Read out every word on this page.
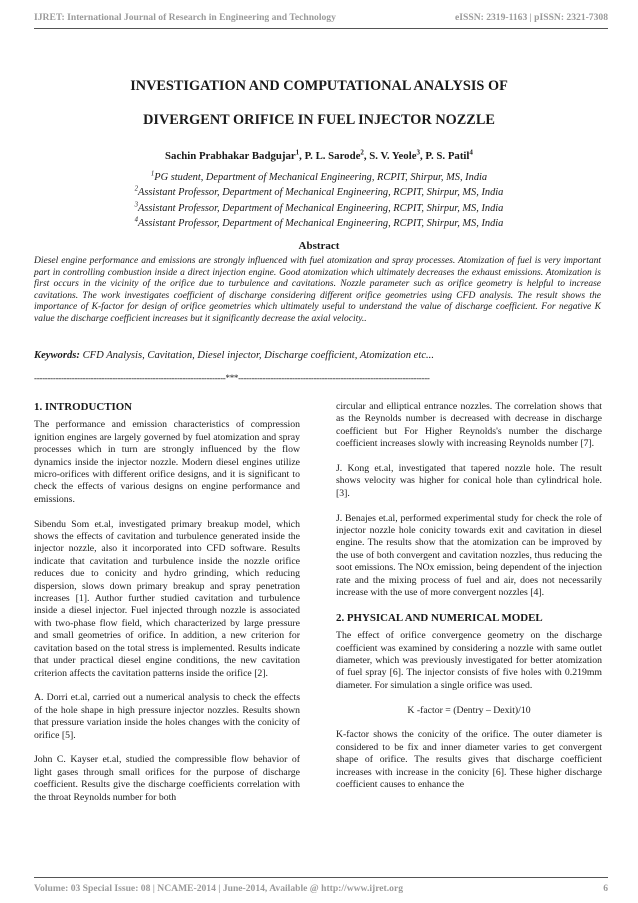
IJRET: International Journal of Research in Engineering and Technology	eISSN: 2319-1163 | pISSN: 2321-7308
INVESTIGATION AND COMPUTATIONAL ANALYSIS OF
DIVERGENT ORIFICE IN FUEL INJECTOR NOZZLE
Sachin Prabhakar Badgujar$^1$, P. L. Sarode$^2$, S. V. Yeole$^3$, P. S. Patil$^4$
$^1$PG student, Department of Mechanical Engineering, RCPIT, Shirpur, MS, India
$^2$Assistant Professor, Department of Mechanical Engineering, RCPIT, Shirpur, MS, India
$^3$Assistant Professor, Department of Mechanical Engineering, RCPIT, Shirpur, MS, India
$^4$Assistant Professor, Department of Mechanical Engineering, RCPIT, Shirpur, MS, India
Abstract
Diesel engine performance and emissions are strongly influenced with fuel atomization and spray processes. Atomization of fuel is very important part in controlling combustion inside a direct injection engine. Good atomization which ultimately decreases the exhaust emissions. Atomization is first occurs in the vicinity of the orifice due to turbulence and cavitations. Nozzle parameter such as orifice geometry is helpful to increase cavitations. The work investigates coefficient of discharge considering different orifice geometries using CFD analysis. The result shows the importance of K-factor for design of orifice geometries which ultimately useful to understand the value of discharge coefficient. For negative K value the discharge coefficient increases but it significantly decrease the axial velocity..
Keywords: CFD Analysis, Cavitation, Diesel injector, Discharge coefficient, Atomization etc...
-----------------------------------------------------------------------***-----------------------------------------------------------------------
1. INTRODUCTION

The performance and emission characteristics of compression ignition engines are largely governed by fuel atomization and spray processes which in turn are strongly influenced by the flow dynamics inside the injector nozzle. Modern diesel engines utilize micro-orifices with different orifice designs, and it is significant to check the effects of various designs on engine performance and emissions.

Sibendu Som et.al, investigated primary breakup model, which shows the effects of cavitation and turbulence generated inside the injector nozzle, also it incorporated into CFD software. Results indicate that cavitation and turbulence inside the nozzle orifice reduces due to conicity and hydro grinding, which reducing dispersion, slows down primary breakup and spray penetration increases [1]. Author further studied cavitation and turbulence inside a diesel injector. Fuel injected through nozzle is associated with two-phase flow field, which characterized by large pressure and small geometries of orifice. In addition, a new criterion for cavitation based on the total stress is implemented. Results indicate that under practical diesel engine conditions, the new cavitation criterion affects the cavitation patterns inside the orifice [2].

A. Dorri et.al, carried out a numerical analysis to check the effects of the hole shape in high pressure injector nozzles. Results shown that pressure variation inside the holes changes with the conicity of orifice [5].

John C. Kayser et.al, studied the compressible flow behavior of light gases through small orifices for the purpose of discharge coefficient. Results give the discharge coefficients correlation with the throat Reynolds number for both

circular and elliptical entrance nozzles. The correlation shows that as the Reynolds number is decreased with decrease in discharge coefficient but For Higher Reynolds's number the discharge coefficient increases slowly with increasing Reynolds number [7].

J. Kong et.al, investigated that tapered nozzle hole. The result shows velocity was higher for conical hole than cylindrical hole. [3].

J. Benajes et.al, performed experimental study for check the role of injector nozzle hole conicity towards exit and cavitation in diesel engine. The results show that the atomization can be improved by the use of both convergent and cavitation nozzles, thus reducing the soot emissions. The NOx emission, being dependent of the injection rate and the mixing process of fuel and air, does not necessarily increase with the use of more convergent nozzles [4].

2. PHYSICAL AND NUMERICAL MODEL

The effect of orifice convergence geometry on the discharge coefficient was examined by considering a nozzle with same outlet diameter, which was previously investigated for better atomization of fuel spray [6]. The injector consists of five holes with 0.219mm diameter. For simulation a single orifice was used.

K -factor = (Dentry – Dexit)/10

K-factor shows the conicity of the orifice. The outer diameter is considered to be fix and inner diameter varies to get convergent shape of orifice. The results gives that discharge coefficient increases with increase in the conicity [6]. These higher discharge coefficient causes to enhance the

Volume: 03 Special Issue: 08 | NCAME-2014 | June-2014, Available @ http://www.ijret.org	6
